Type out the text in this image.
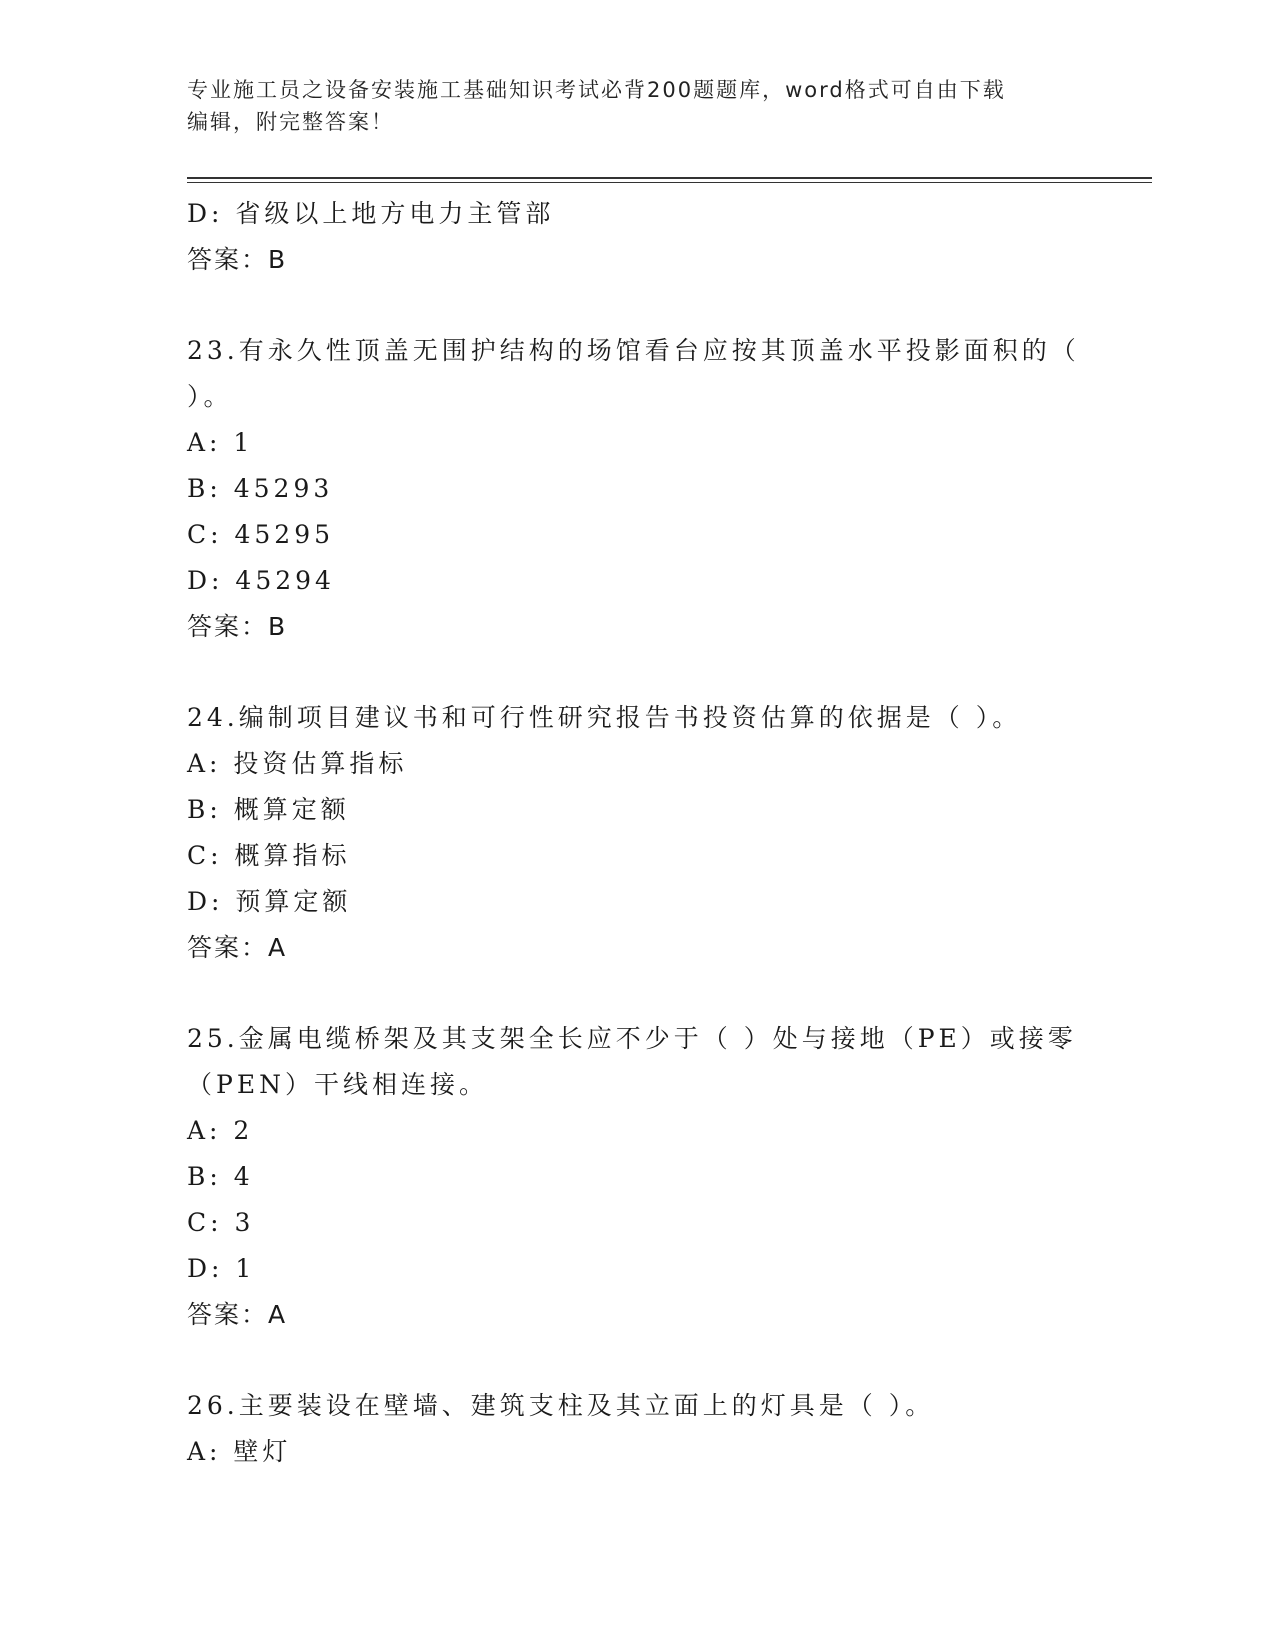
专业施工员之设备安装施工基础知识考试必背200题题库，word格式可自由下载
编辑，附完整答案！
D: 省级以上地方电力主管部
答案：B
23.有永久性顶盖无围护结构的场馆看台应按其顶盖水平投影面积的（
）。
A: 1
B: 45293
C: 45295
D: 45294
答案：B
24.编制项目建议书和可行性研究报告书投资估算的依据是（ ）。
A: 投资估算指标
B: 概算定额
C: 概算指标
D: 预算定额
答案：A
25.金属电缆桥架及其支架全长应不少于（ ）处与接地（PE）或接零
（PEN）干线相连接。
A: 2
B: 4
C: 3
D: 1
答案：A
26.主要装设在壁墙、建筑支柱及其立面上的灯具是（ ）。
A: 壁灯
